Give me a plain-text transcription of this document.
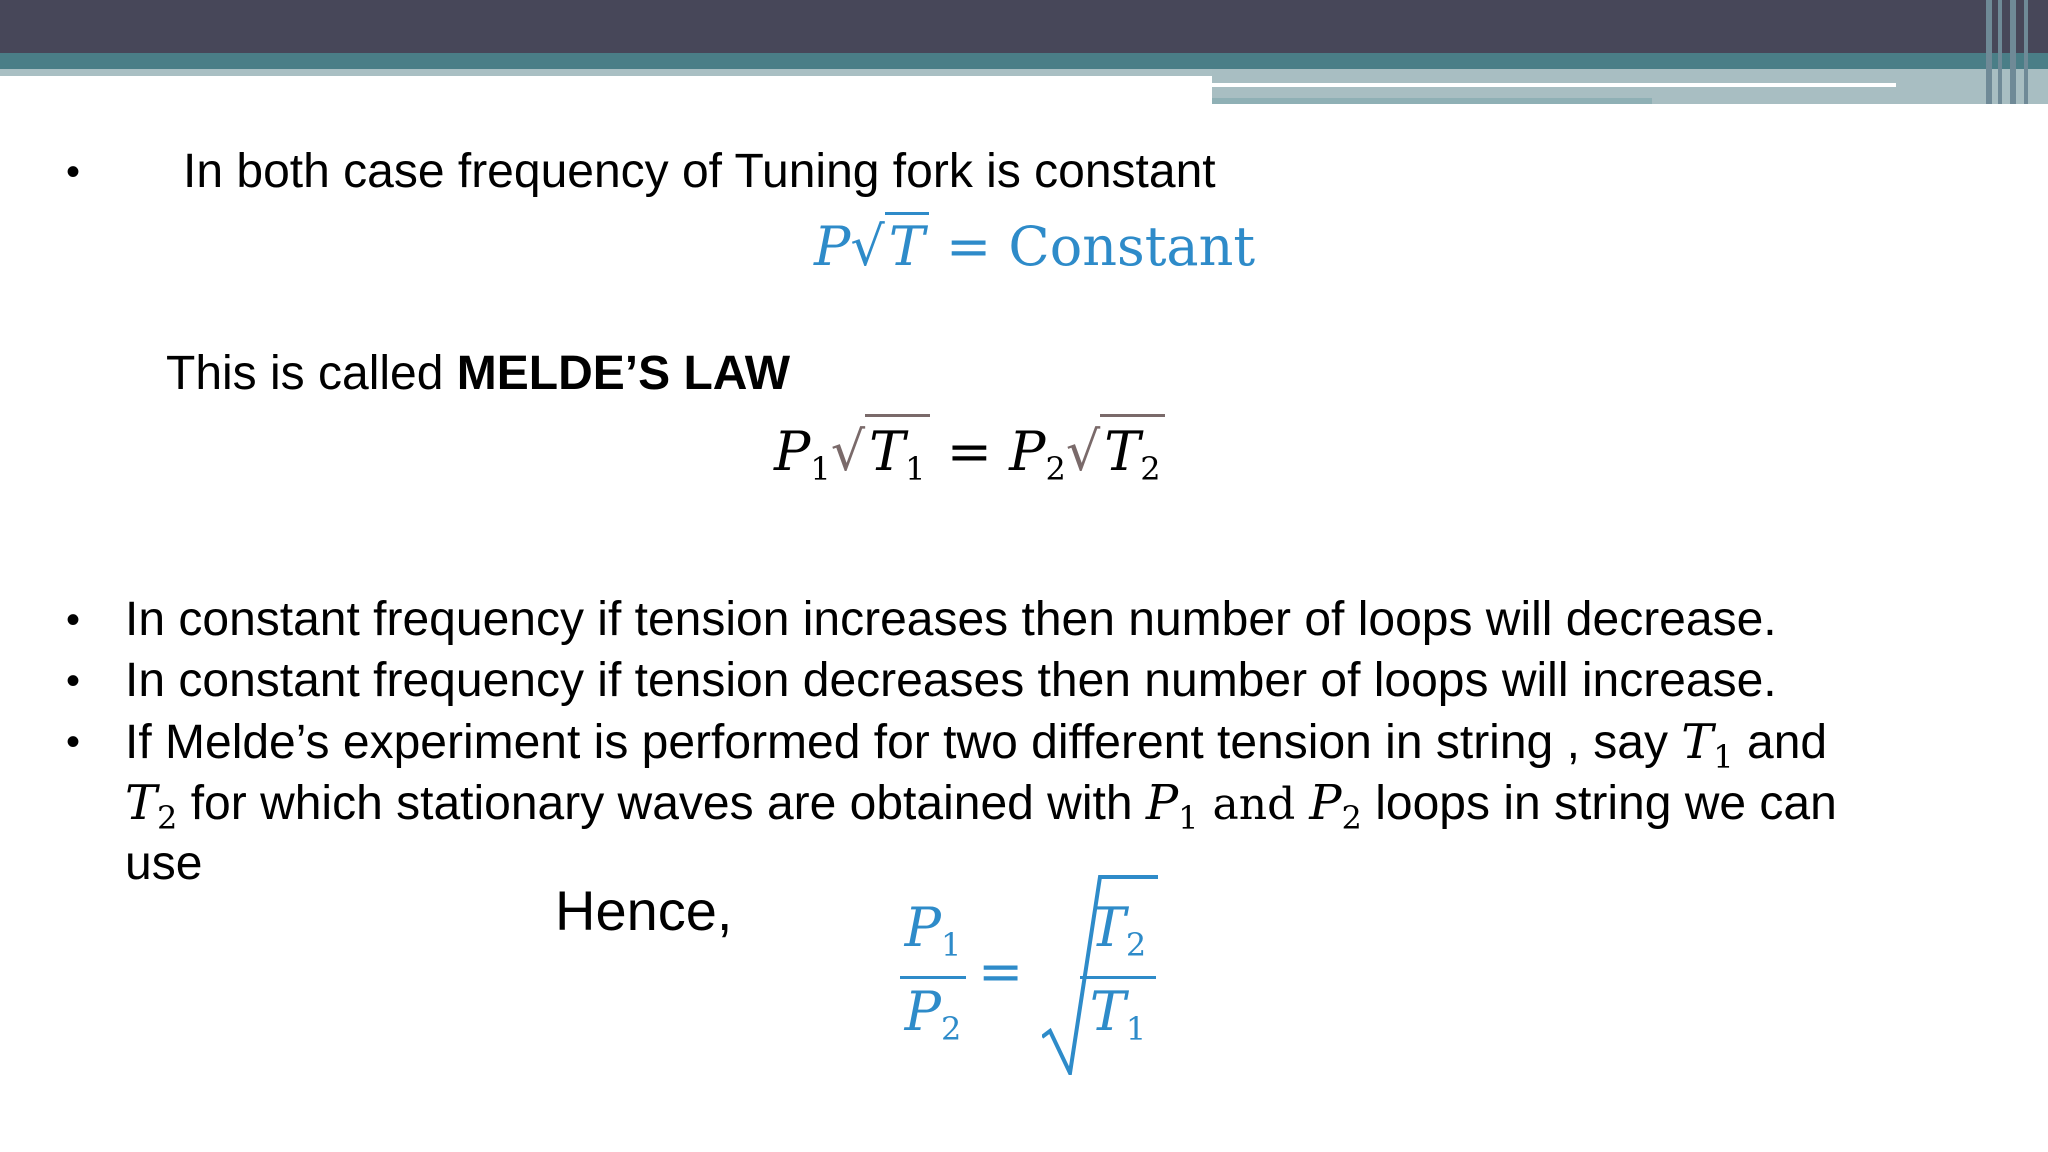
• In both case frequency of Tuning fork is constant
P√T = Constant
This is called MELDE’S LAW
$P_1√T_1 = P_2√T_2$
• In constant frequency if tension increases then number of loops will decrease.
• In constant frequency if tension decreases then number of loops will increase.
• If Melde’s experiment is performed for two different tension in string , say $T_1$ and
$T_2$ for which stationary waves are obtained with $P_1$ and $P_2$ loops in string we can
use
Hence,	$P_1$
$P_2$
=
$T_2$
$T_1$
